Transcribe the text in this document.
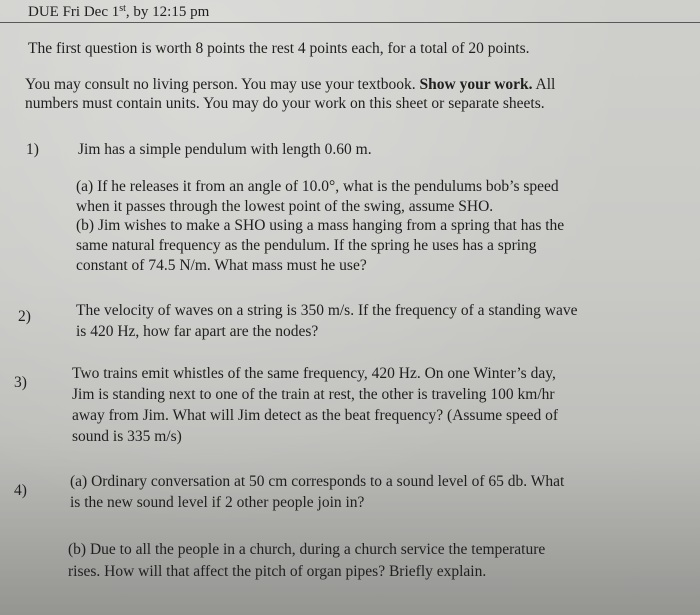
DUE Fri Dec 1st, by 12:15 pm
The first question is worth 8 points the rest 4 points each, for a total of 20 points.
You may consult no living person. You may use your textbook. Show your work. All
numbers must contain units. You may do your work on this sheet or separate sheets.
1)	Jim has a simple pendulum with length 0.60 m.
(a) If he releases it from an angle of 10.0°, what is the pendulums bob’s speed
when it passes through the lowest point of the swing, assume SHO.
(b) Jim wishes to make a SHO using a mass hanging from a spring that has the
same natural frequency as the pendulum. If the spring he uses has a spring
constant of 74.5 N/m. What mass must he use?
2)	The velocity of waves on a string is 350 m/s. If the frequency of a standing wave
is 420 Hz, how far apart are the nodes?
3)
Two trains emit whistles of the same frequency, 420 Hz. On one Winter’s day,
Jim is standing next to one of the train at rest, the other is traveling 100 km/hr
away from Jim. What will Jim detect as the beat frequency? (Assume speed of
sound is 335 m/s)
4)
(a) Ordinary conversation at 50 cm corresponds to a sound level of 65 db. What
is the new sound level if 2 other people join in?
(b) Due to all the people in a church, during a church service the temperature
rises. How will that affect the pitch of organ pipes? Briefly explain.
